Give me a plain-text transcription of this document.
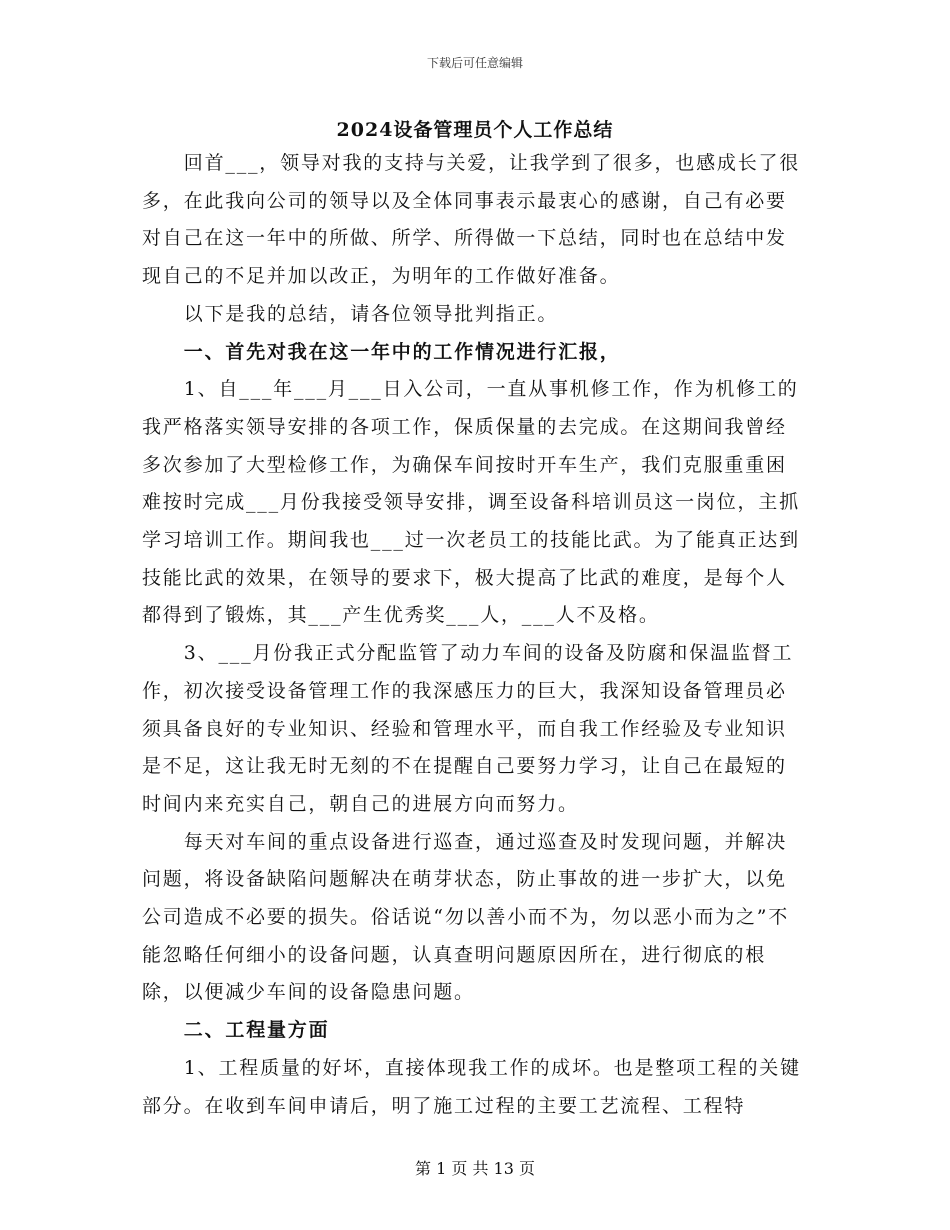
下载后可任意编辑
2024设备管理员个人工作总结

回首___，领导对我的支持与关爱，让我学到了很多，也感成长了很多，在此我向公司的领导以及全体同事表示最衷心的感谢，自己有必要对自己在这一年中的所做、所学、所得做一下总结，同时也在总结中发现自己的不足并加以改正，为明年的工作做好准备。

以下是我的总结，请各位领导批判指正。

一、首先对我在这一年中的工作情况进行汇报，

1、自___年___月___日入公司，一直从事机修工作，作为机修工的我严格落实领导安排的各项工作，保质保量的去完成。在这期间我曾经多次参加了大型检修工作，为确保车间按时开车生产，我们克服重重困难按时完成___月份我接受领导安排，调至设备科培训员这一岗位，主抓学习培训工作。期间我也___过一次老员工的技能比武。为了能真正达到技能比武的效果，在领导的要求下，极大提高了比武的难度，是每个人都得到了锻炼，其___产生优秀奖___人，___人不及格。

3、___月份我正式分配监管了动力车间的设备及防腐和保温监督工作，初次接受设备管理工作的我深感压力的巨大，我深知设备管理员必须具备良好的专业知识、经验和管理水平，而自我工作经验及专业知识是不足，这让我无时无刻的不在提醒自己要努力学习，让自己在最短的时间内来充实自己，朝自己的进展方向而努力。

每天对车间的重点设备进行巡查，通过巡查及时发现问题，并解决问题，将设备缺陷问题解决在萌芽状态，防止事故的进一步扩大，以免公司造成不必要的损失。俗话说“勿以善小而不为，勿以恶小而为之”不能忽略任何细小的设备问题，认真查明问题原因所在，进行彻底的根除，以便减少车间的设备隐患问题。

二、工程量方面

1、工程质量的好坏，直接体现我工作的成坏。也是整项工程的关键部分。在收到车间申请后，明了施工过程的主要工艺流程、工程特

第 1 页 共 13 页
